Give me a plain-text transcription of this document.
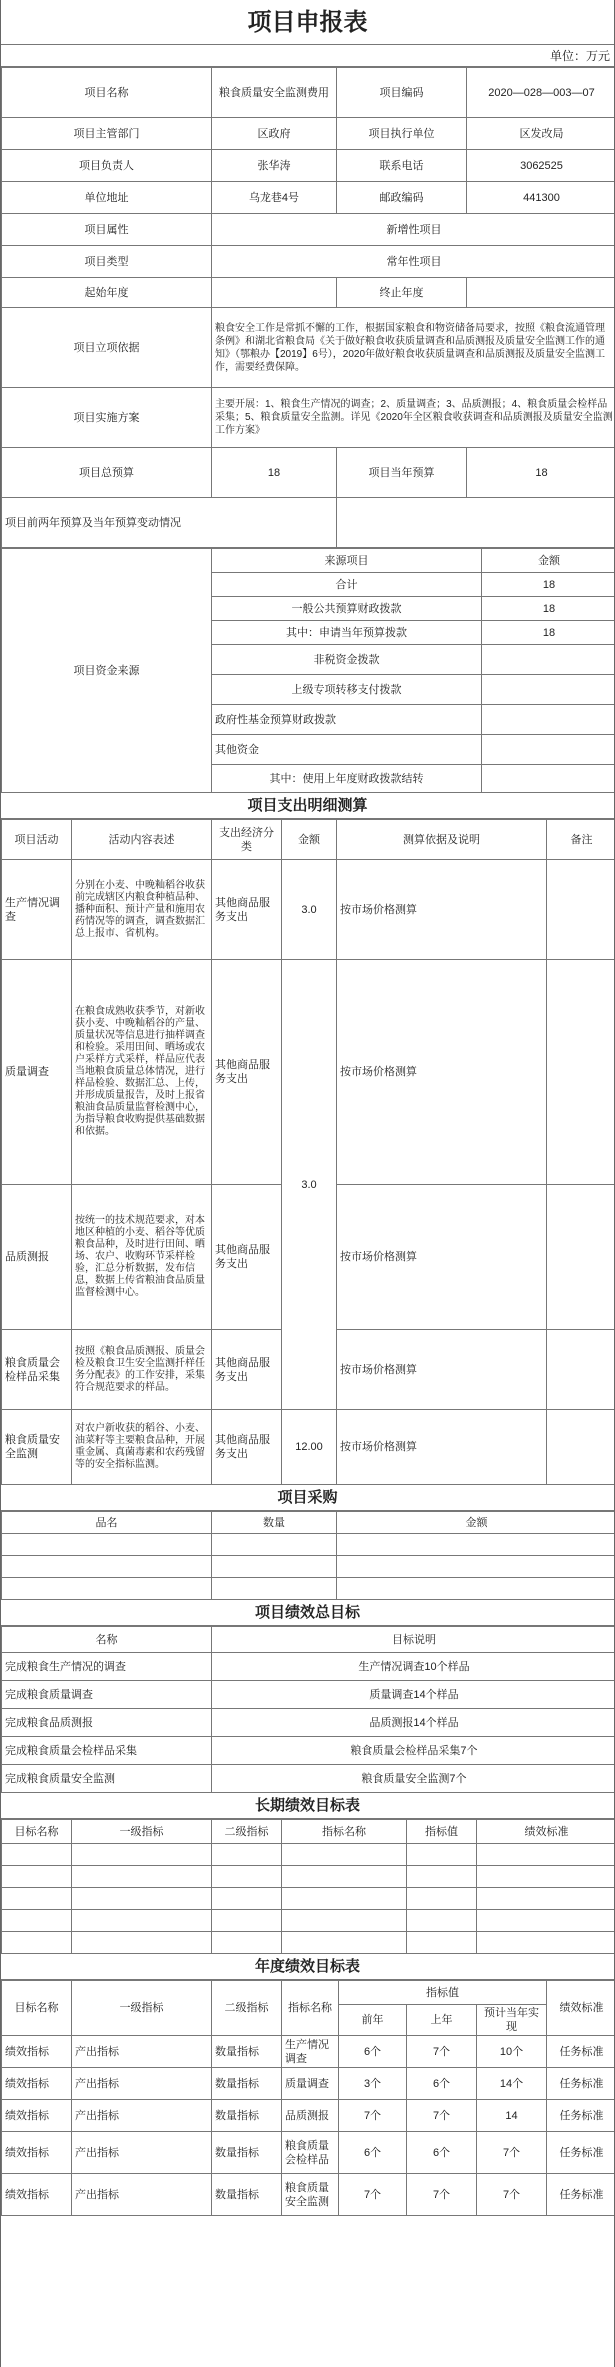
项目申报表
单位：万元
项目名称	粮食质量安全监测费用	项目编码	2020—028—003—07
项目主管部门	区政府	项目执行单位	区发改局
项目负责人	张华涛	联系电话	3062525
单位地址	乌龙巷4号	邮政编码	441300
项目属性	新增性项目		
项目类型	常年性项目		
起始年度		终止年度	
项目立项依据	粮食安全工作是常抓不懈的工作，根据国家粮食和物资储备局要求，按照《粮食流通管理条例》和湖北省粮食局《关于做好粮食收获质量调查和品质测报及质量安全监测工作的通知》（鄂粮办【2019】6号），2020年做好粮食收获质量调查和品质测报及质量安全监测工作，需要经费保障。		
项目实施方案	主要开展：1、粮食生产情况的调查；2、质量调查；3、品质测报；4、粮食质量会检样品采集；5、粮食质量安全监测。详见《2020年全区粮食收获调查和品质测报及质量安全监测工作方案》		
项目总预算	18	项目当年预算	18
项目前两年预算及当年预算变动情况			
项目资金来源	来源项目	金额
	合计	18
	一般公共预算财政拨款	18
	其中：申请当年预算拨款	18
	非税资金拨款	
	上级专项转移支付拨款	
	政府性基金预算财政拨款	
	其他资金	
	其中：使用上年度财政拨款结转	
项目支出明细测算
项目活动	活动内容表述	支出经济分类	金额	测算依据及说明	备注
生产情况调查	分别在小麦、中晚籼稻谷收获前完成辖区内粮食种植品种、播种面积、预计产量和施用农药情况等的调查，调查数据汇总上报市、省机构。	其他商品服务支出	3.0	按市场价格测算	
质量调查	在粮食成熟收获季节，对新收获小麦、中晚籼稻谷的产量、质量状况等信息进行抽样调查和检验。采用田间、晒场或农户采样方式采样，样品应代表当地粮食质量总体情况，进行样品检验、数据汇总、上传，并形成质量报告，及时上报省粮油食品质量监督检测中心，为指导粮食收购提供基础数据和依据。	其他商品服务支出	3.0	按市场价格测算	
品质测报	按统一的技术规范要求，对本地区种植的小麦、稻谷等优质粮食品种，及时进行田间、晒场、农户、收购环节采样检验，汇总分析数据，发布信息，数据上传省粮油食品质量监督检测中心。	其他商品服务支出		按市场价格测算	
粮食质量会检样品采集	按照《粮食品质测报、质量会检及粮食卫生安全监测扦样任务分配表》的工作安排，采集符合规范要求的样品。	其他商品服务支出		按市场价格测算	
粮食质量安全监测	对农户新收获的稻谷、小麦、油菜籽等主要粮食品种，开展重金属、真菌毒素和农药残留等的安全指标监测。	其他商品服务支出	12.00	按市场价格测算	
项目采购
品名	数量	金额

项目绩效总目标
名称	目标说明
完成粮食生产情况的调查	生产情况调查10个样品
完成粮食质量调查	质量调查14个样品
完成粮食品质测报	品质测报14个样品
完成粮食质量会检样品采集	粮食质量会检样品采集7个
完成粮食质量安全监测	粮食质量安全监测7个
长期绩效目标表
目标名称	一级指标	二级指标	指标名称	指标值	绩效标准

年度绩效目标表
目标名称	一级指标	二级指标	指标名称	指标值			绩效标准
				前年	上年	预计当年实现	
绩效指标	产出指标	数量指标	生产情况调查	6个	7个	10个	任务标准
绩效指标	产出指标	数量指标	质量调查	3个	6个	14个	任务标准
绩效指标	产出指标	数量指标	品质测报	7个	7个	14	任务标准
绩效指标	产出指标	数量指标	粮食质量会检样品	6个	6个	7个	任务标准
绩效指标	产出指标	数量指标	粮食质量安全监测	7个	7个	7个	任务标准
